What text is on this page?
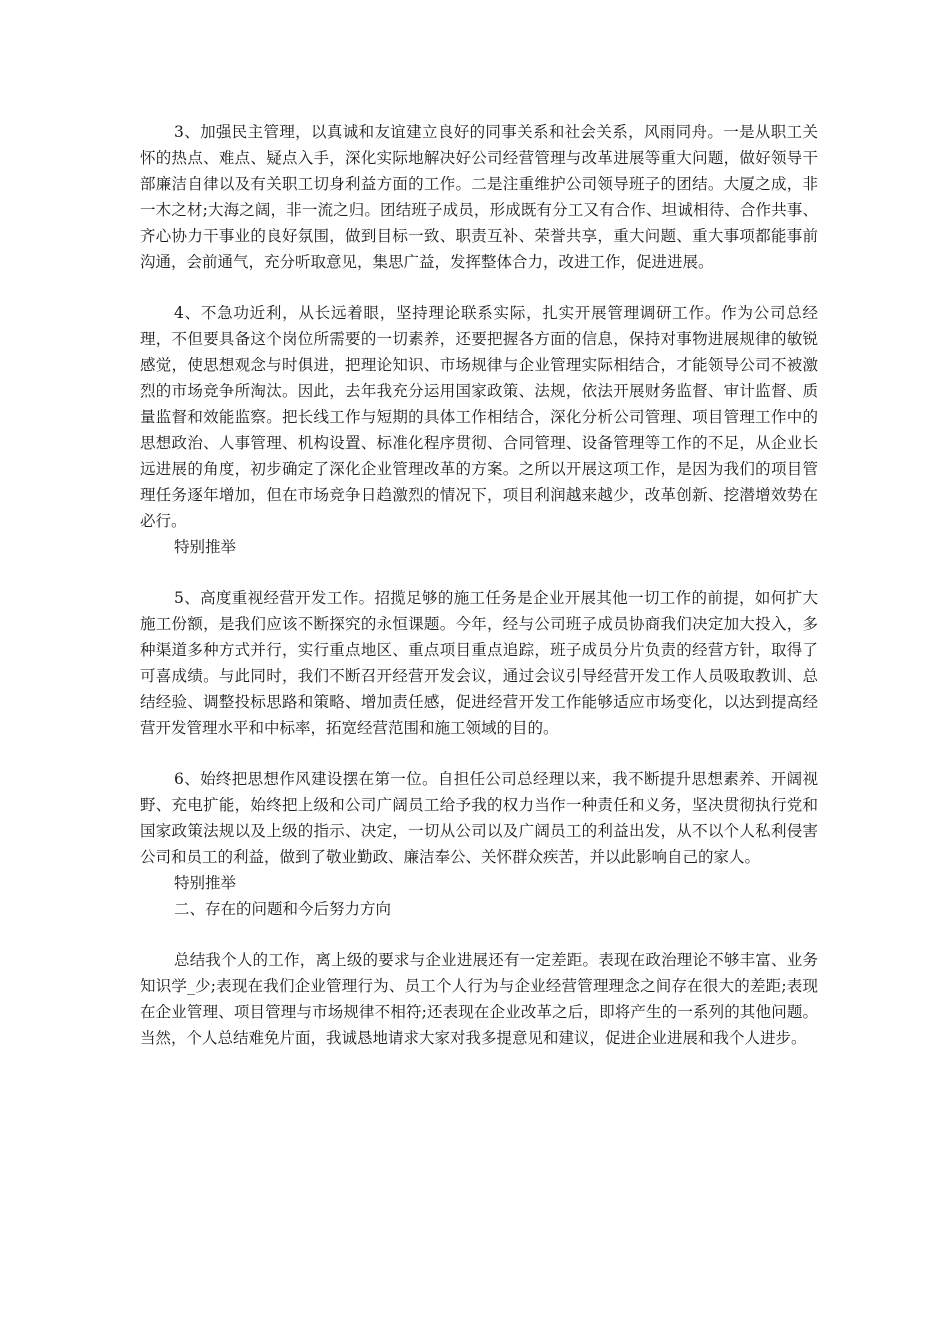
3、加强民主管理，以真诚和友谊建立良好的同事关系和社会关系，风雨同舟。一是从职工关怀的热点、难点、疑点入手，深化实际地解决好公司经营管理与改革进展等重大问题，做好领导干部廉洁自律以及有关职工切身利益方面的工作。二是注重维护公司领导班子的团结。大厦之成，非一木之材;大海之阔，非一流之归。团结班子成员，形成既有分工又有合作、坦诚相待、合作共事、齐心协力干事业的良好氛围，做到目标一致、职责互补、荣誉共享，重大问题、重大事项都能事前沟通，会前通气，充分听取意见，集思广益，发挥整体合力，改进工作，促进进展。

4、不急功近利，从长远着眼，坚持理论联系实际，扎实开展管理调研工作。作为公司总经理，不但要具备这个岗位所需要的一切素养，还要把握各方面的信息，保持对事物进展规律的敏锐感觉，使思想观念与时俱进，把理论知识、市场规律与企业管理实际相结合，才能领导公司不被激烈的市场竞争所淘汰。因此，去年我充分运用国家政策、法规，依法开展财务监督、审计监督、质量监督和效能监察。把长线工作与短期的具体工作相结合，深化分析公司管理、项目管理工作中的思想政治、人事管理、机构设置、标准化程序贯彻、合同管理、设备管理等工作的不足，从企业长远进展的角度，初步确定了深化企业管理改革的方案。之所以开展这项工作，是因为我们的项目管理任务逐年增加，但在市场竞争日趋激烈的情况下，项目利润越来越少，改革创新、挖潜增效势在必行。

特别推举

5、高度重视经营开发工作。招揽足够的施工任务是企业开展其他一切工作的前提，如何扩大施工份额，是我们应该不断探究的永恒课题。今年，经与公司班子成员协商我们决定加大投入，多种渠道多种方式并行，实行重点地区、重点项目重点追踪，班子成员分片负责的经营方针，取得了可喜成绩。与此同时，我们不断召开经营开发会议，通过会议引导经营开发工作人员吸取教训、总结经验、调整投标思路和策略、增加责任感，促进经营开发工作能够适应市场变化，以达到提高经营开发管理水平和中标率，拓宽经营范围和施工领域的目的。

6、始终把思想作风建设摆在第一位。自担任公司总经理以来，我不断提升思想素养、开阔视野、充电扩能，始终把上级和公司广阔员工给予我的权力当作一种责任和义务，坚决贯彻执行党和国家政策法规以及上级的指示、决定，一切从公司以及广阔员工的利益出发，从不以个人私利侵害公司和员工的利益，做到了敬业勤政、廉洁奉公、关怀群众疾苦，并以此影响自己的家人。

特别推举

二、存在的问题和今后努力方向

总结我个人的工作，离上级的要求与企业进展还有一定差距。表现在政治理论不够丰富、业务知识学_少;表现在我们企业管理行为、员工个人行为与企业经营管理理念之间存在很大的差距;表现在企业管理、项目管理与市场规律不相符;还表现在企业改革之后，即将产生的一系列的其他问题。当然，个人总结难免片面，我诚恳地请求大家对我多提意见和建议，促进企业进展和我个人进步。
